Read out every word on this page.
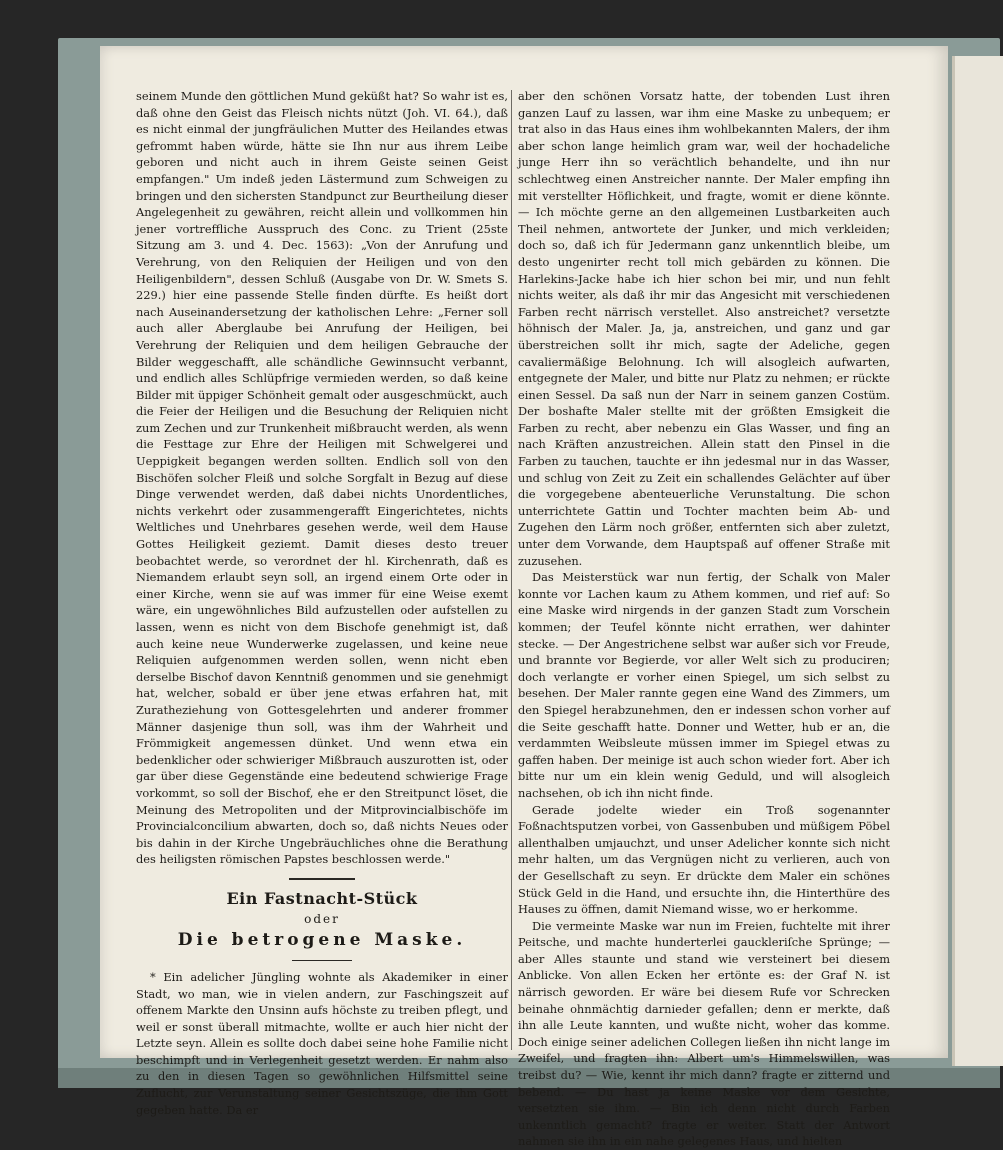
seinem Munde den göttlichen Mund geküßt hat? So wahr ist es, daß ohne den Geist das Fleisch nichts nützt (Joh. VI. 64.), daß es nicht einmal der jungfräulichen Mutter des Heilandes etwas gefrommt haben würde, hätte sie Ihn nur aus ihrem Leibe geboren und nicht auch in ihrem Geiste seinen Geist empfangen." Um indeß jeden Lästermund zum Schweigen zu bringen und den sichersten Standpunct zur Beurtheilung dieser Angelegenheit zu gewähren, reicht allein und vollkommen hin jener vortreffliche Ausspruch des Conc. zu Trient (25ste Sitzung am 3. und 4. Dec. 1563): „Von der Anrufung und Verehrung, von den Reliquien der Heiligen und von den Heiligenbildern", dessen Schluß (Ausgabe von Dr. W. Smets S. 229.) hier eine passende Stelle finden dürfte. Es heißt dort nach Auseinandersetzung der katholischen Lehre: „Ferner soll auch aller Aberglaube bei Anrufung der Heiligen, bei Verehrung der Reliquien und dem heiligen Gebrauche der Bilder weggeschafft, alle schändliche Gewinnsucht verbannt, und endlich alles Schlüpfrige vermieden werden, so daß keine Bilder mit üppiger Schönheit gemalt oder ausgeschmückt, auch die Feier der Heiligen und die Besuchung der Reliquien nicht zum Zechen und zur Trunkenheit mißbraucht werden, als wenn die Festtage zur Ehre der Heiligen mit Schwelgerei und Ueppigkeit begangen werden sollten. Endlich soll von den Bischöfen solcher Fleiß und solche Sorgfalt in Bezug auf diese Dinge verwendet werden, daß dabei nichts Unordentliches, nichts verkehrt oder zusammengerafft Eingerichtetes, nichts Weltliches und Unehrbares gesehen werde, weil dem Hause Gottes Heiligkeit geziemt. Damit dieses desto treuer beobachtet werde, so verordnet der hl. Kirchenrath, daß es Niemandem erlaubt seyn soll, an irgend einem Orte oder in einer Kirche, wenn sie auf was immer für eine Weise exemt wäre, ein ungewöhnliches Bild aufzustellen oder aufstellen zu lassen, wenn es nicht von dem Bischofe genehmigt ist, daß auch keine neue Wunderwerke zugelassen, und keine neue Reliquien aufgenommen werden sollen, wenn nicht eben derselbe Bischof davon Kenntniß genommen und sie genehmigt hat, welcher, sobald er über jene etwas erfahren hat, mit Zuratheziehung von Gottesgelehrten und anderer frommer Männer dasjenige thun soll, was ihm der Wahrheit und Frömmigkeit angemessen dünket. Und wenn etwa ein bedenklicher oder schwieriger Mißbrauch auszurotten ist, oder gar über diese Gegenstände eine bedeutend schwierige Frage vorkommt, so soll der Bischof, ehe er den Streitpunct löset, die Meinung des Metropoliten und der Mitprovincialbischöfe im Provincialconcilium abwarten, doch so, daß nichts Neues oder bis dahin in der Kirche Ungebräuchliches ohne die Berathung des heiligsten römischen Papstes beschlossen werde."

Ein Fastnacht-Stück
oder
Die betrogene Maske.

* Ein adelicher Jüngling wohnte als Akademiker in einer Stadt, wo man, wie in vielen andern, zur Faschingszeit auf offenem Markte den Unsinn aufs höchste zu treiben pflegt, und weil er sonst überall mitmachte, wollte er auch hier nicht der Letzte seyn. Allein es sollte doch dabei seine hohe Familie nicht beschimpft und in Verlegenheit gesetzt werden. Er nahm also zu den in diesen Tagen so gewöhnlichen Hilfsmittel seine Zuflucht, zur Verunstaltung seiner Gesichtszüge, die ihm Gott gegeben hatte. Da er

aber den schönen Vorsatz hatte, der tobenden Lust ihren ganzen Lauf zu lassen, war ihm eine Maske zu unbequem; er trat also in das Haus eines ihm wohlbekannten Malers, der ihm aber schon lange heimlich gram war, weil der hochadeliche junge Herr ihn so verächtlich behandelte, und ihn nur schlechtweg einen Anstreicher nannte. Der Maler empfing ihn mit verstellter Höflichkeit, und fragte, womit er diene könnte. — Ich möchte gerne an den allgemeinen Lustbarkeiten auch Theil nehmen, antwortete der Junker, und mich verkleiden; doch so, daß ich für Jedermann ganz unkenntlich bleibe, um desto ungenirter recht toll mich gebärden zu können. Die Harlekins-Jacke habe ich hier schon bei mir, und nun fehlt nichts weiter, als daß ihr mir das Angesicht mit verschiedenen Farben recht närrisch verstellet. Also anstreichet? versetzte höhnisch der Maler. Ja, ja, anstreichen, und ganz und gar überstreichen sollt ihr mich, sagte der Adeliche, gegen cavaliermäßige Belohnung. Ich will alsogleich aufwarten, entgegnete der Maler, und bitte nur Platz zu nehmen; er rückte einen Sessel. Da saß nun der Narr in seinem ganzen Costüm. Der boshafte Maler stellte mit der größten Emsigkeit die Farben zu recht, aber nebenzu ein Glas Wasser, und fing an nach Kräften anzustreichen. Allein statt den Pinsel in die Farben zu tauchen, tauchte er ihn jedesmal nur in das Wasser, und schlug von Zeit zu Zeit ein schallendes Gelächter auf über die vorgegebene abenteuerliche Verunstaltung. Die schon unterrichtete Gattin und Tochter machten beim Ab- und Zugehen den Lärm noch größer, entfernten sich aber zuletzt, unter dem Vorwande, dem Hauptspaß auf offener Straße mit zuzusehen.

Das Meisterstück war nun fertig, der Schalk von Maler konnte vor Lachen kaum zu Athem kommen, und rief auf: So eine Maske wird nirgends in der ganzen Stadt zum Vorschein kommen; der Teufel könnte nicht errathen, wer dahinter stecke. — Der Angestrichene selbst war außer sich vor Freude, und brannte vor Begierde, vor aller Welt sich zu produciren; doch verlangte er vorher einen Spiegel, um sich selbst zu besehen. Der Maler rannte gegen eine Wand des Zimmers, um den Spiegel herabzunehmen, den er indessen schon vorher auf die Seite geschafft hatte. Donner und Wetter, hub er an, die verdammten Weibsleute müssen immer im Spiegel etwas zu gaffen haben. Der meinige ist auch schon wieder fort. Aber ich bitte nur um ein klein wenig Geduld, und will alsogleich nachsehen, ob ich ihn nicht finde.

Gerade jodelte wieder ein Troß sogenannter Foßnachtsputzen vorbei, von Gassenbuben und müßigem Pöbel allenthalben umjauchzt, und unser Adelicher konnte sich nicht mehr halten, um das Vergnügen nicht zu verlieren, auch von der Gesellschaft zu seyn. Er drückte dem Maler ein schönes Stück Geld in die Hand, und ersuchte ihn, die Hinterthüre des Hauses zu öffnen, damit Niemand wisse, wo er herkomme.

Die vermeinte Maske war nun im Freien, fuchtelte mit ihrer Peitsche, und machte hunderterlei gauckleriſche Sprünge; — aber Alles staunte und stand wie versteinert bei diesem Anblicke. Von allen Ecken her ertönte es: der Graf N. ist närrisch geworden. Er wäre bei diesem Rufe vor Schrecken beinahe ohnmächtig darnieder gefallen; denn er merkte, daß ihn alle Leute kannten, und wußte nicht, woher das komme. Doch einige seiner adelichen Collegen ließen ihn nicht lange im Zweifel, und fragten ihn: Albert um's Himmelswillen, was treibst du? — Wie, kennt ihr mich dann? fragte er zitternd und bebend. — Du hast ja keine Maske vor dem Gesichte, versetzten sie ihm. — Bin ich denn nicht durch Farben unkenntlich gemacht? fragte er weiter. Statt der Antwort nahmen sie ihn in ein nahe gelegenes Haus, und hielten
